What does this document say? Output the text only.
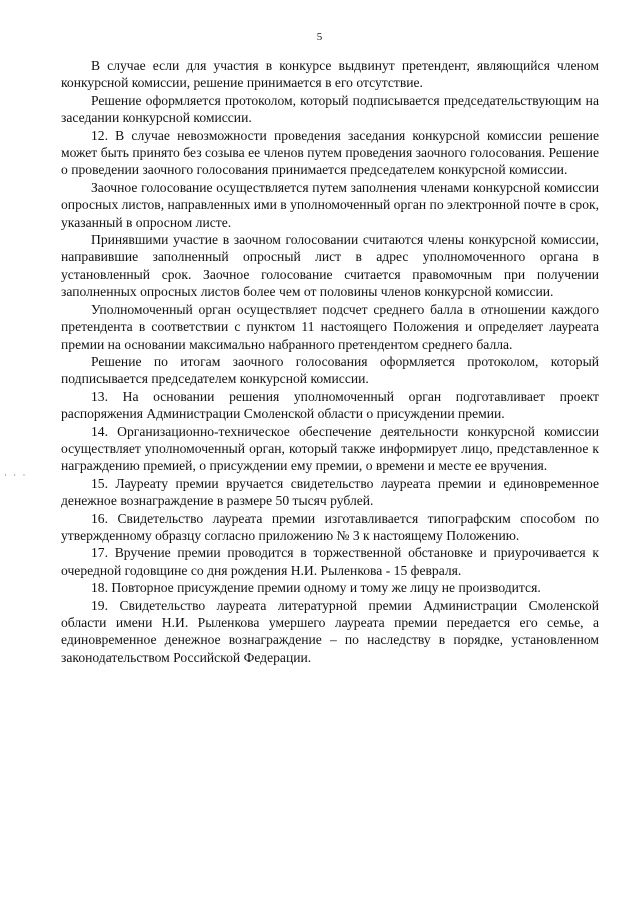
5

В случае если для участия в конкурсе выдвинут претендент, являющийся членом конкурсной комиссии, решение принимается в его отсутствие.

Решение оформляется протоколом, который подписывается председательствующим на заседании конкурсной комиссии.

12. В случае невозможности проведения заседания конкурсной комиссии решение может быть принято без созыва ее членов путем проведения заочного голосования. Решение о проведении заочного голосования принимается председателем конкурсной комиссии.

Заочное голосование осуществляется путем заполнения членами конкурсной комиссии опросных листов, направленных ими в уполномоченный орган по электронной почте в срок, указанный в опросном листе.

Принявшими участие в заочном голосовании считаются члены конкурсной комиссии, направившие заполненный опросный лист в адрес уполномоченного органа в установленный срок. Заочное голосование считается правомочным при получении заполненных опросных листов более чем от половины членов конкурсной комиссии.

Уполномоченный орган осуществляет подсчет среднего балла в отношении каждого претендента в соответствии с пунктом 11 настоящего Положения и определяет лауреата премии на основании максимально набранного претендентом среднего балла.

Решение по итогам заочного голосования оформляется протоколом, который подписывается председателем конкурсной комиссии.

13. На основании решения уполномоченный орган подготавливает проект распоряжения Администрации Смоленской области о присуждении премии.

14. Организационно-техническое обеспечение деятельности конкурсной комиссии осуществляет уполномоченный орган, который также информирует лицо, представленное к награждению премией, о присуждении ему премии, о времени и месте ее вручения.

15. Лауреату премии вручается свидетельство лауреата премии и единовременное денежное вознаграждение в размере 50 тысяч рублей.

16. Свидетельство лауреата премии изготавливается типографским способом по утвержденному образцу согласно приложению № 3 к настоящему Положению.

17. Вручение премии проводится в торжественной обстановке и приурочивается к очередной годовщине со дня рождения Н.И. Рыленкова - 15 февраля.

18. Повторное присуждение премии одному и тому же лицу не производится.

19. Свидетельство лауреата литературной премии Администрации Смоленской области имени Н.И. Рыленкова умершего лауреата премии передается его семье, а единовременное денежное вознаграждение – по наследству в порядке, установленном законодательством Российской Федерации.

· · ·
